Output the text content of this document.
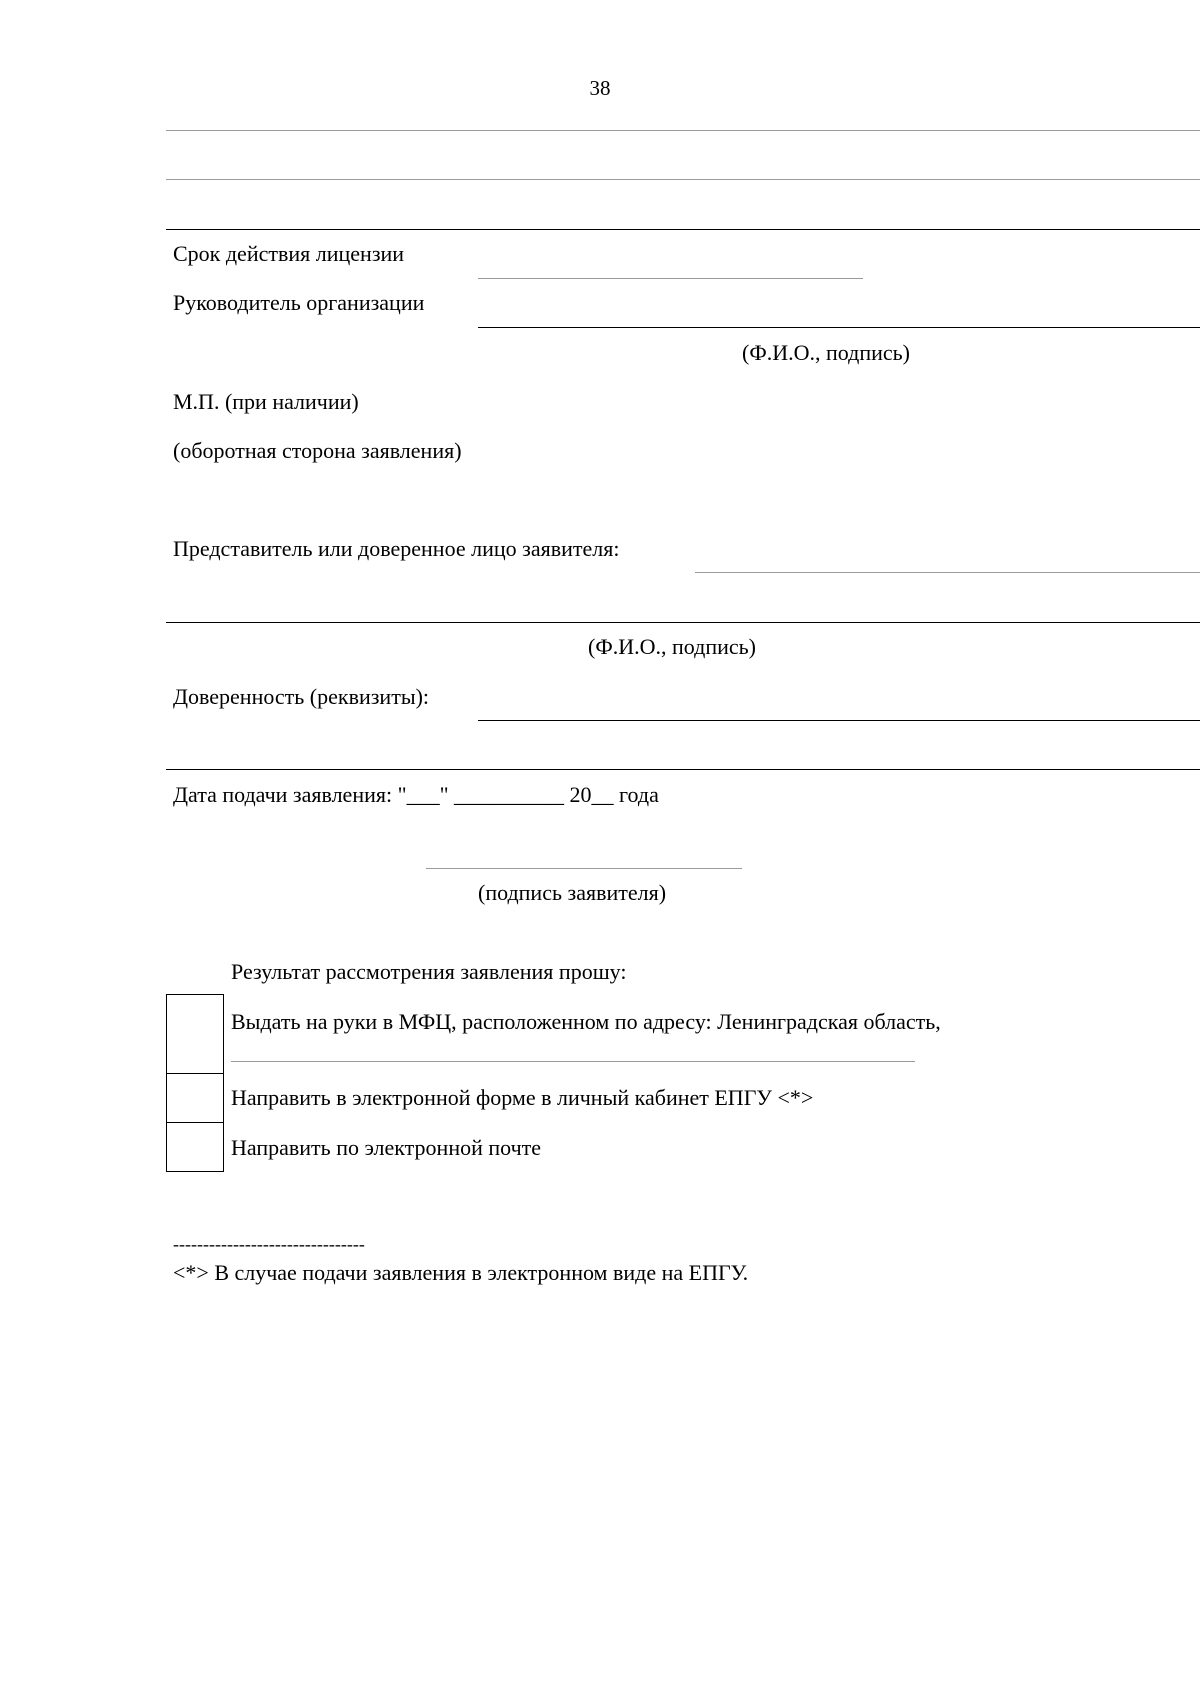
38
Срок действия лицензии
Руководитель организации
(Ф.И.О., подпись)
М.П. (при наличии)
(оборотная сторона заявления)
Представитель или доверенное лицо заявителя:
(Ф.И.О., подпись)
Доверенность (реквизиты):
Дата подачи заявления: "___" __________ 20__ года
(подпись заявителя)
Результат рассмотрения заявления прошу:
Выдать на руки в МФЦ, расположенном по адресу: Ленинградская область,
Направить в электронной форме в личный кабинет ЕПГУ <*>
Направить по электронной почте
--------------------------------
<*> В случае подачи заявления в электронном виде на ЕПГУ.
